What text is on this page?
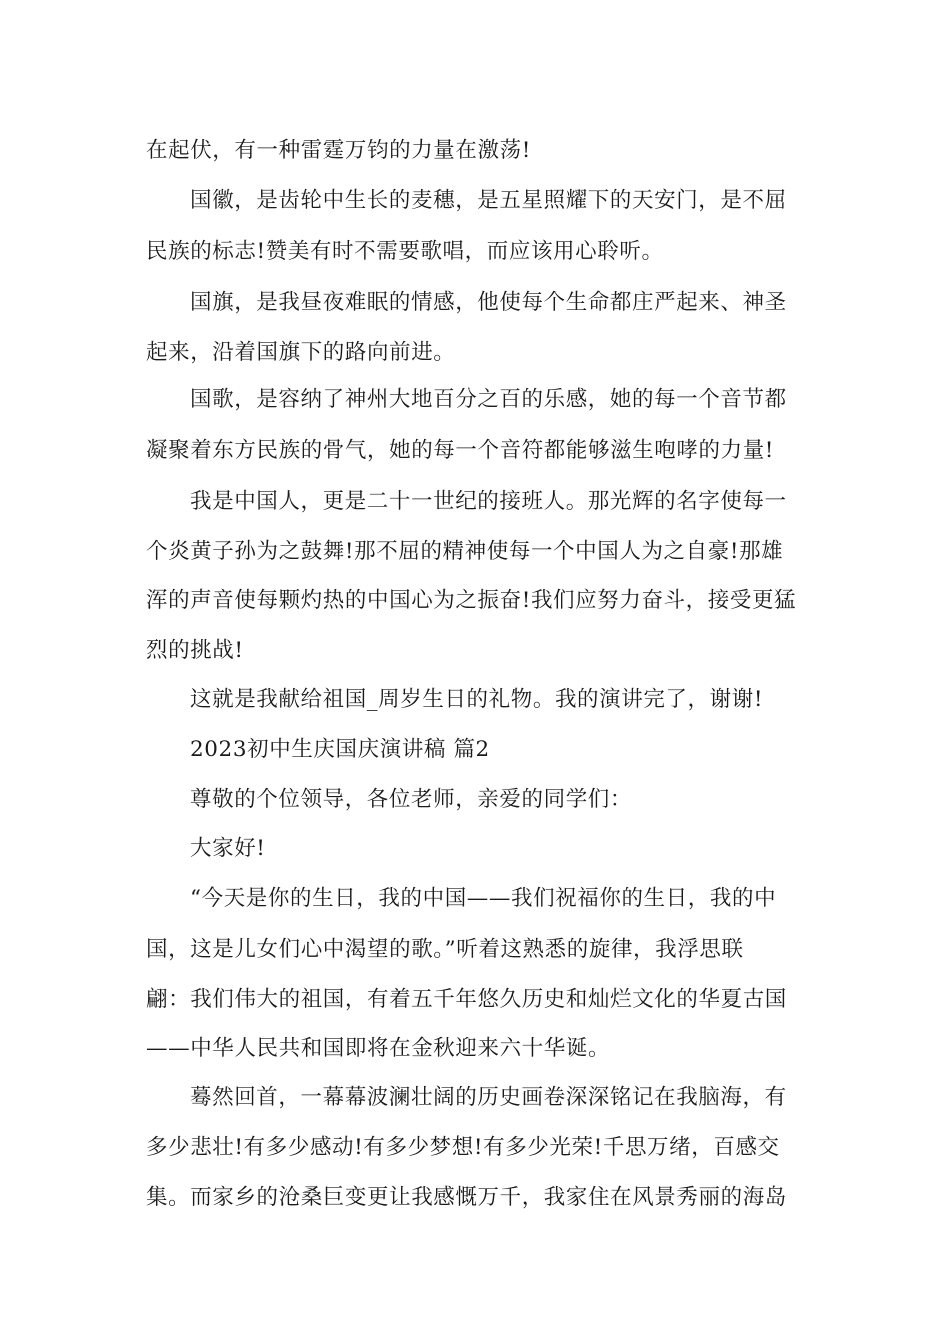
在起伏，有一种雷霆万钧的力量在激荡!
国徽，是齿轮中生长的麦穗，是五星照耀下的天安门，是不屈
民族的标志!赞美有时不需要歌唱，而应该用心聆听。
国旗，是我昼夜难眠的情感，他使每个生命都庄严起来、神圣
起来，沿着国旗下的路向前进。
国歌，是容纳了神州大地百分之百的乐感，她的每一个音节都
凝聚着东方民族的骨气，她的每一个音符都能够滋生咆哮的力量!
我是中国人，更是二十一世纪的接班人。那光辉的名字使每一
个炎黄子孙为之鼓舞!那不屈的精神使每一个中国人为之自豪!那雄
浑的声音使每颗灼热的中国心为之振奋!我们应努力奋斗，接受更猛
烈的挑战!
这就是我献给祖国_周岁生日的礼物。我的演讲完了，谢谢!
2023初中生庆国庆演讲稿 篇2
尊敬的个位领导，各位老师，亲爱的同学们：
大家好!
“今天是你的生日，我的中国——我们祝福你的生日，我的中
国，这是儿女们心中渴望的歌。”听着这熟悉的旋律，我浮思联
翩：我们伟大的祖国，有着五千年悠久历史和灿烂文化的华夏古国
——中华人民共和国即将在金秋迎来六十华诞。
蓦然回首，一幕幕波澜壮阔的历史画卷深深铭记在我脑海，有
多少悲壮!有多少感动!有多少梦想!有多少光荣!千思万绪，百感交
集。而家乡的沧桑巨变更让我感慨万千，我家住在风景秀丽的海岛
